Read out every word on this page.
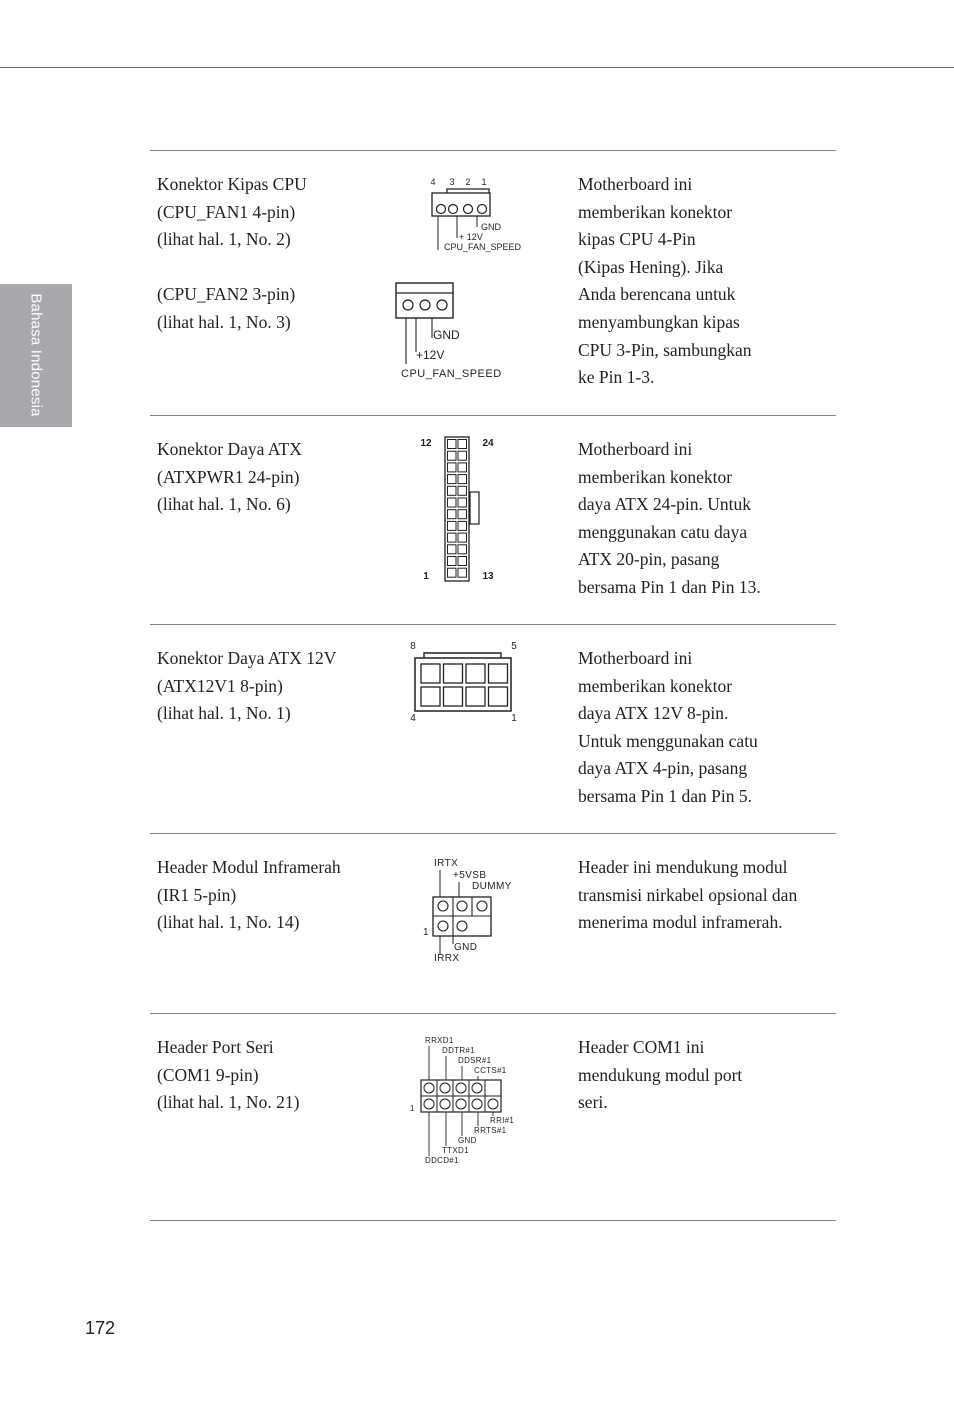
Bahasa Indonesia
172
Konektor Kipas CPU
(CPU_FAN1 4-pin)
(lihat hal. 1, No. 2)

(CPU_FAN2 3-pin)
(lihat hal. 1, No. 3)
Motherboard ini
memberikan konektor
kipas CPU 4-Pin
(Kipas Hening). Jika
Anda berencana untuk
menyambungkan kipas
CPU 3-Pin, sambungkan
ke Pin 1-3.
4 3 2 1
GND
+ 12V
CPU_FAN_SPEED
GND
+12V
CPU_FAN_SPEED
Konektor Daya ATX
(ATXPWR1 24-pin)
(lihat hal. 1, No. 6)
Motherboard ini
memberikan konektor
daya ATX 24-pin. Untuk
menggunakan catu daya
ATX 20-pin, pasang
bersama Pin 1 dan Pin 13.
12	24
1	13
Konektor Daya ATX 12V
(ATX12V1 8-pin)
(lihat hal. 1, No. 1)
Motherboard ini
memberikan konektor
daya ATX 12V 8-pin.
Untuk menggunakan catu
daya ATX 4-pin, pasang
bersama Pin 1 dan Pin 5.
8	5
4	1
Header Modul Inframerah
(IR1 5-pin)
(lihat hal. 1, No. 14)
Header ini mendukung modul
transmisi nirkabel opsional dan
menerima modul inframerah.
IRTX
+5VSB
DUMMY
1
GND
IRRX
Header Port Seri
(COM1 9-pin)
(lihat hal. 1, No. 21)
Header COM1 ini
mendukung modul port
seri.
RRXD1
DDTR#1
DDSR#1
CCTS#1
1
RRI#1
RRTS#1
GND
TTXD1
DDCD#1
